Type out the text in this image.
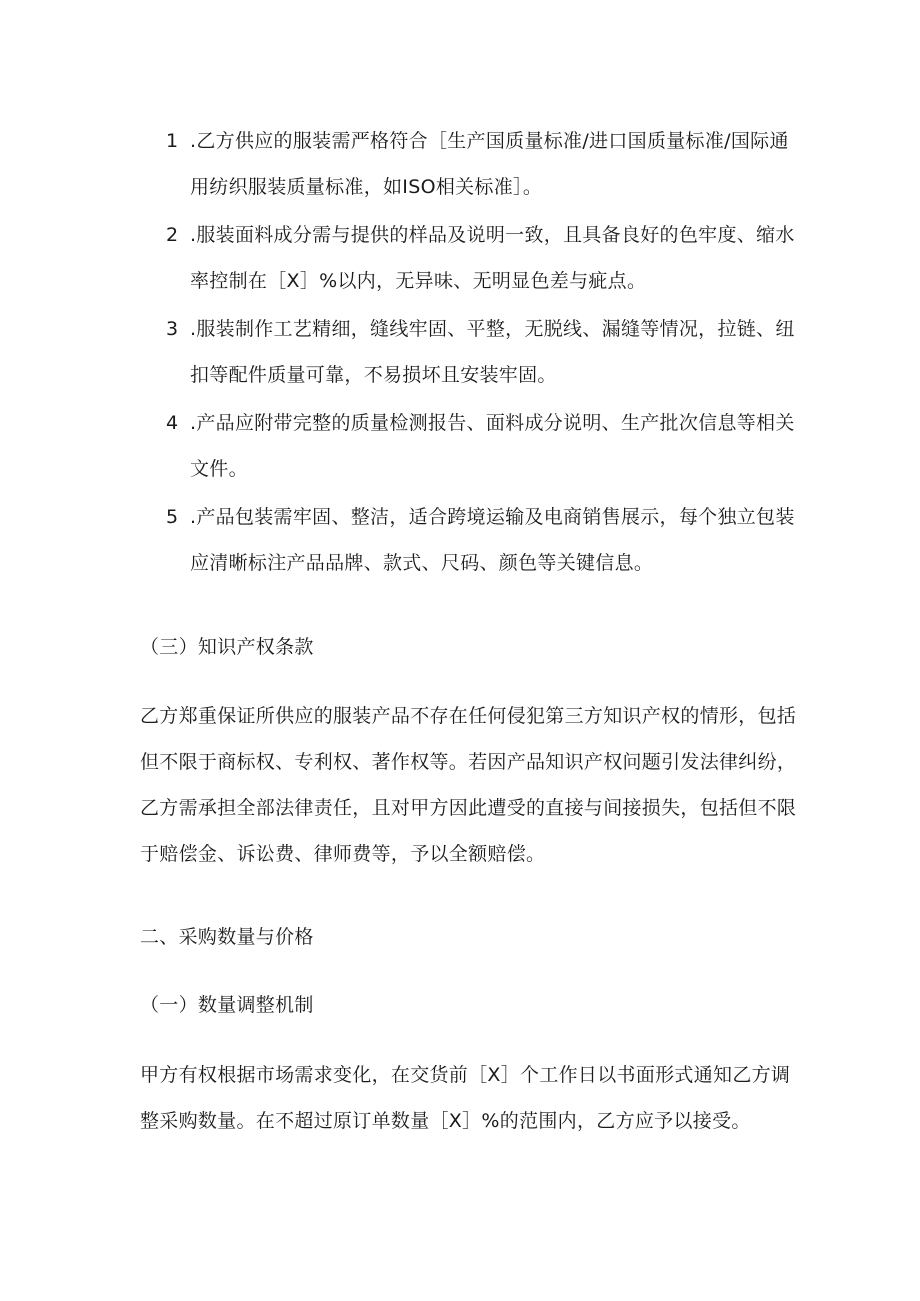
1 .乙方供应的服装需严格符合［生产国质量标准/进口国质量标准/国际通用纺织服装质量标准，如ISO相关标准］。
2 .服装面料成分需与提供的样品及说明一致，且具备良好的色牢度、缩水率控制在［X］%以内，无异味、无明显色差与疵点。
3 .服装制作工艺精细，缝线牢固、平整，无脱线、漏缝等情况，拉链、纽扣等配件质量可靠，不易损坏且安装牢固。
4 .产品应附带完整的质量检测报告、面料成分说明、生产批次信息等相关文件。
5 .产品包装需牢固、整洁，适合跨境运输及电商销售展示，每个独立包装应清晰标注产品品牌、款式、尺码、颜色等关键信息。

（三）知识产权条款

乙方郑重保证所供应的服装产品不存在任何侵犯第三方知识产权的情形，包括但不限于商标权、专利权、著作权等。若因产品知识产权问题引发法律纠纷，乙方需承担全部法律责任，且对甲方因此遭受的直接与间接损失，包括但不限于赔偿金、诉讼费、律师费等，予以全额赔偿。

二、采购数量与价格

（一）数量调整机制

甲方有权根据市场需求变化，在交货前［X］个工作日以书面形式通知乙方调整采购数量。在不超过原订单数量［X］%的范围内，乙方应予以接受。
